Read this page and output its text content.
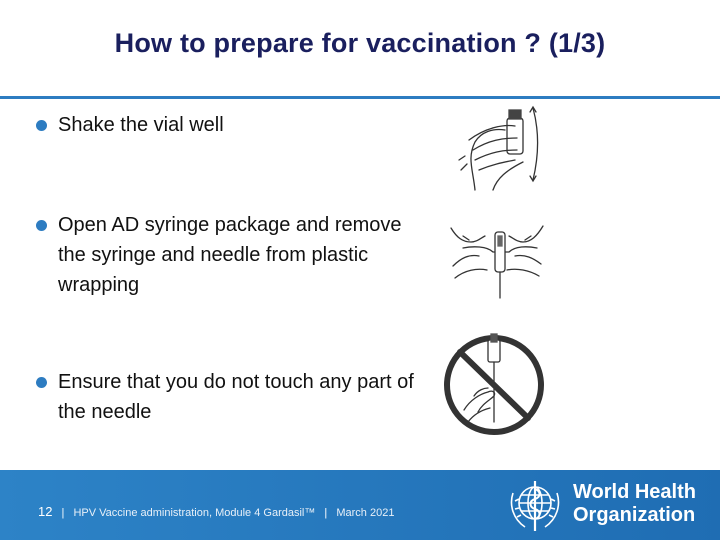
How to prepare for vaccination ? (1/3)
Shake the vial well
Open AD syringe package and remove the syringe and needle from plastic wrapping
Ensure that you do not touch any part of the needle
12 | HPV Vaccine administration, Module 4 Gardasil™ | March 2021
World Health
Organization
